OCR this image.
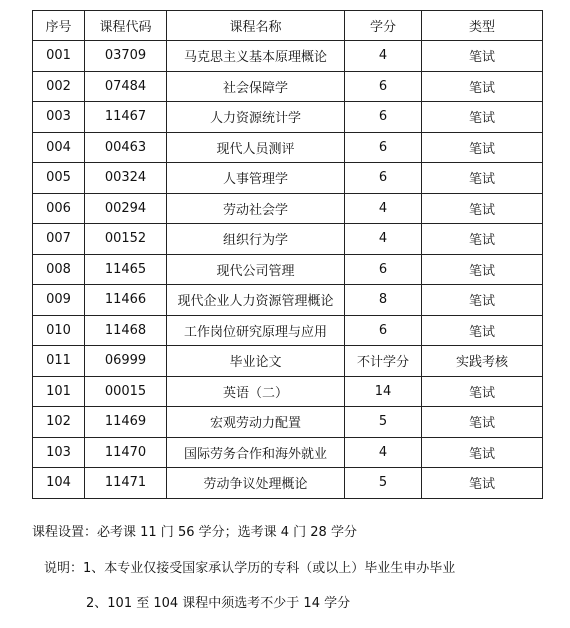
序号	课程代码	课程名称	学分	类型
001	03709	马克思主义基本原理概论	4	笔试
002	07484	社会保障学	6	笔试
003	11467	人力资源统计学	6	笔试
004	00463	现代人员测评	6	笔试
005	00324	人事管理学	6	笔试
006	00294	劳动社会学	4	笔试
007	00152	组织行为学	4	笔试
008	11465	现代公司管理	6	笔试
009	11466	现代企业人力资源管理概论	8	笔试
010	11468	工作岗位研究原理与应用	6	笔试
011	06999	毕业论文	不计学分	实践考核
101	00015	英语（二）	14	笔试
102	11469	宏观劳动力配置	5	笔试
103	11470	国际劳务合作和海外就业	4	笔试
104	11471	劳动争议处理概论	5	笔试
课程设置：必考课 11 门 56 学分；选考课 4 门 28 学分
说明：1、本专业仅接受国家承认学历的专科（或以上）毕业生申办毕业
2、101 至 104 课程中须选考不少于 14 学分
